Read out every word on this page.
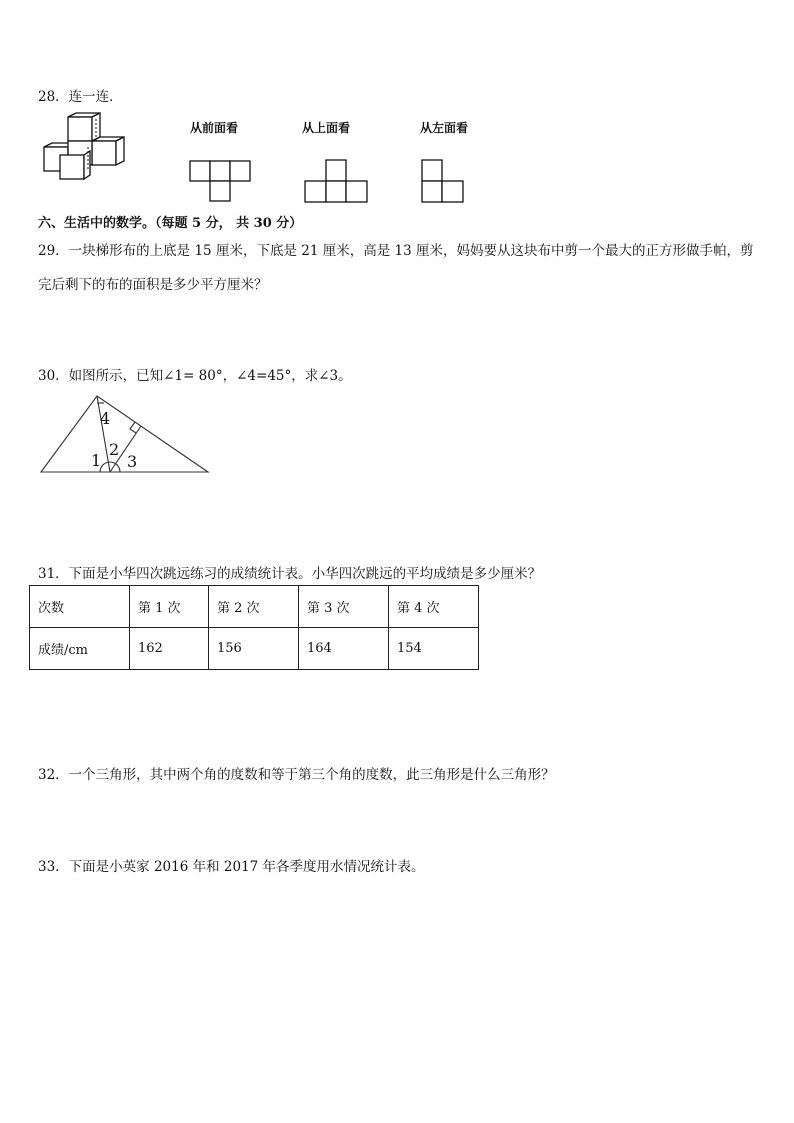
28．连一连．
从前面看	从上面看	从左面看
六、生活中的数学。（每题 5 分， 共 30 分）
29．一块梯形布的上底是 15 厘米，下底是 21 厘米，高是 13 厘米，妈妈要从这块布中剪一个最大的正方形做手帕，剪
完后剩下的布的面积是多少平方厘米？
30．如图所示，已知∠1= 80°，∠4=45°，求∠3。
4
2
1 3
31．下面是小华四次跳远练习的成绩统计表。小华四次跳远的平均成绩是多少厘米？
次数	第 1 次	第 2 次	第 3 次	第 4 次
成绩/cm	162	156	164	154
32．一个三角形，其中两个角的度数和等于第三个角的度数，此三角形是什么三角形？
33．下面是小英家 2016 年和 2017 年各季度用水情况统计表。
